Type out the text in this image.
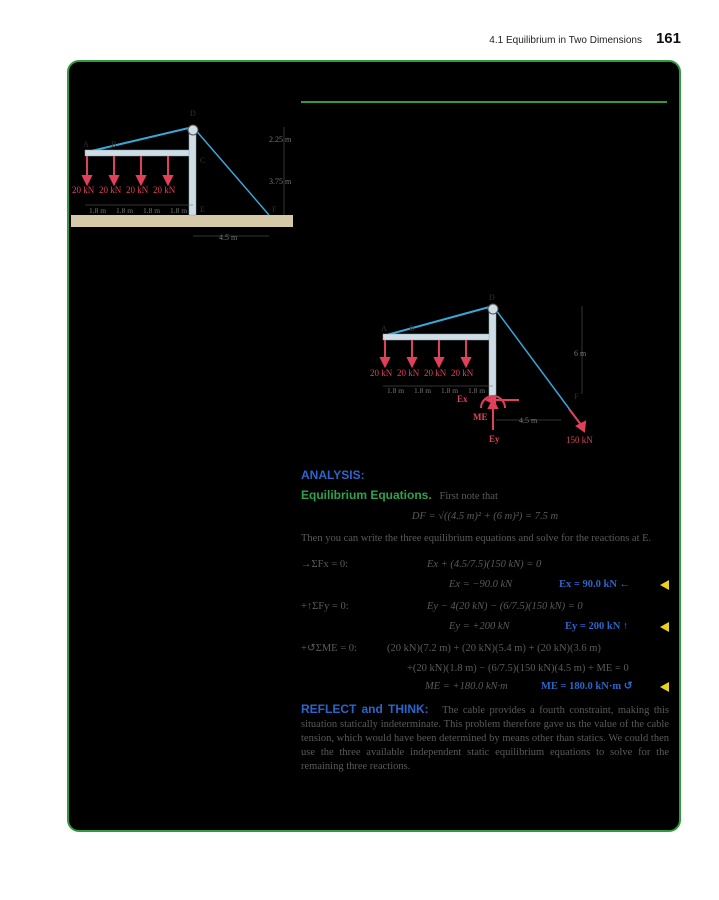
4.1 Equilibrium in Two Dimensions 161
A	B
C
D
E	F
20 kN 20 kN 20 kN 20 kN
1.8 m 1.8 m 1.8 m 1.8 m
2.25 m
3.75 m
4.5 m
A	B
D
F
Ex
ME
Ey
20 kN 20 kN 20 kN 20 kN
1.8 m 1.8 m 1.8 m 1.8 m
6 m
4.5 m
150 kN
ANALYSIS:
Equilibrium Equations. First note that
DF = √((4.5 m)² + (6 m)²) = 7.5 m
Then you can write the three equilibrium equations and solve for the reactions at E.
→ΣFx = 0:	Ex + (4.5/7.5)(150 kN) = 0
Ex = −90.0 kN	Ex = 90.0 kN ←
+↑ΣFy = 0:	Ey − 4(20 kN) − (6/7.5)(150 kN) = 0
Ey = +200 kN	Ey = 200 kN ↑
+↺ΣME = 0:	(20 kN)(7.2 m) + (20 kN)(5.4 m) + (20 kN)(3.6 m)
+(20 kN)(1.8 m) − (6/7.5)(150 kN)(4.5 m) + ME = 0
ME = +180.0 kN·m	ME = 180.0 kN·m ↺
REFLECT and THINK: The cable provides a fourth constraint, making this situation statically indeterminate. This problem therefore gave us the value of the cable tension, which would have been determined by means other than statics. We could then use the three available independent static equilibrium equations to solve for the remaining three reactions.
